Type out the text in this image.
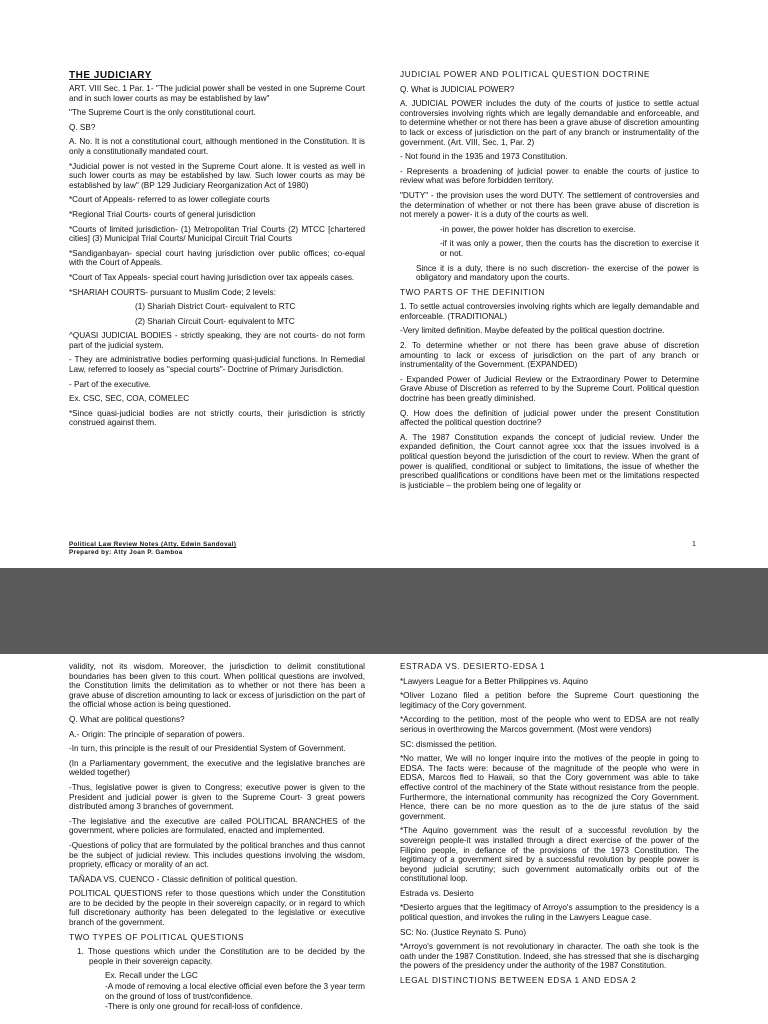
THE JUDICIARY

ART. VIII Sec. 1 Par. 1- "The judicial power shall be vested in one Supreme Court and in such lower courts as may be established by law"

"The Supreme Court is the only constitutional court.

Q. SB?

A. No. It is not a constitutional court, although mentioned in the Constitution. It is only a constitutionally mandated court.

*Judicial power is not vested in the Supreme Court alone. It is vested as well in such lower courts as may be established by law. Such lower courts as may be established by law" (BP 129 Judiciary Reorganization Act of 1980)

*Court of Appeals- referred to as lower collegiate courts

*Regional Trial Courts- courts of general jurisdiction

*Courts of limited jurisdiction- (1) Metropolitan Trial Courts (2) MTCC [chartered cities] (3) Municipal Trial Courts/ Municipal Circuit Trial Courts

*Sandiganbayan- special court having jurisdiction over public offices; co-equal with the Court of Appeals.

*Court of Tax Appeals- special court having jurisdiction over tax appeals cases.

*SHARIAH COURTS- pursuant to Muslim Code; 2 levels:

(1) Shariah District Court- equivalent to RTC

(2) Shariah Circuit Court- equivalent to MTC

^QUASI JUDICIAL BODIES - strictly speaking, they are not courts- do not form part of the judicial system.

- They are administrative bodies performing quasi-judicial functions. In Remedial Law, referred to loosely as "special courts"- Doctrine of Primary Jurisdiction.

- Part of the executive.

Ex. CSC, SEC, COA, COMELEC

*Since quasi-judicial bodies are not strictly courts, their jurisdiction is strictly construed against them.

JUDICIAL POWER AND POLITICAL QUESTION DOCTRINE

Q. What is JUDICIAL POWER?

A. JUDICIAL POWER includes the duty of the courts of justice to settle actual controversies involving rights which are legally demandable and enforceable, and to determine whether or not there has been a grave abuse of discretion amounting to lack or excess of jurisdiction on the part of any branch or instrumentality of the government. (Art. VIII, Sec. 1, Par. 2)

- Not found in the 1935 and 1973 Constitution.

- Represents a broadening of judicial power to enable the courts of justice to review what was before forbidden territory.

"DUTY" - the provision uses the word DUTY. The settlement of controversies and the determination of whether or not there has been grave abuse of discretion is not merely a power- it is a duty of the courts as well.

-in power, the power holder has discretion to exercise.

-if it was only a power, then the courts has the discretion to exercise it or not.

Since it is a duty, there is no such discretion- the exercise of the power is obligatory and mandatory upon the courts.

TWO PARTS OF THE DEFINITION

1. To settle actual controversies involving rights which are legally demandable and enforceable. (TRADITIONAL)

-Very limited definition. Maybe defeated by the political question doctrine.

2. To determine whether or not there has been grave abuse of discretion amounting to lack or excess of jurisdiction on the part of any branch or instrumentality of the Government. (EXPANDED)

- Expanded Power of Judicial Review or the Extraordinary Power to Determine Grave Abuse of Discretion as referred to by the Supreme Court. Political question doctrine has been greatly diminished.

Q. How does the definition of judicial power under the present Constitution affected the political question doctrine?

A. The 1987 Constitution expands the concept of judicial review. Under the expanded definition, the Court cannot agree xxx that the issues involved is a political question beyond the jurisdiction of the court to review. When the grant of power is qualified, conditional or subject to limitations, the issue of whether the prescribed qualifications or conditions have been met or the limitations respected is justiciable – the problem being one of legality or

Political Law Review Notes (Atty. Edwin Sandoval)
Prepared by: Atty Joan P. Gamboa
1

validity, not its wisdom. Moreover, the jurisdiction to delimit constitutional boundaries has been given to this court. When political questions are involved, the Constitution limits the delimitation as to whether or not there has been a grave abuse of discretion amounting to lack or excess of jurisdiction on the part of the official whose action is being questioned.

Q. What are political questions?

A.- Origin: The principle of separation of powers.

-In turn, this principle is the result of our Presidential System of Government.

(In a Parliamentary government, the executive and the legislative branches are welded together)

-Thus, legislative power is given to Congress; executive power is given to the President and judicial power is given to the Supreme Court- 3 great powers distributed among 3 branches of government.

-The legislative and the executive are called POLITICAL BRANCHES of the government, where policies are formulated, enacted and implemented.

-Questions of policy that are formulated by the political branches and thus cannot be the subject of judicial review. This includes questions involving the wisdom, propriety, efficacy or morality of an act.

TAÑADA VS. CUENCO - Classic definition of political question.

POLITICAL QUESTIONS refer to those questions which under the Constitution are to be decided by the people in their sovereign capacity, or in regard to which full discretionary authority has been delegated to the legislative or executive branch of the government.

TWO TYPES OF POLITICAL QUESTIONS

1. Those questions which under the Constitution are to be decided by the people in their sovereign capacity.

Ex. Recall under the LGC

-A mode of removing a local elective official even before the 3 year term on the ground of loss of trust/confidence.

-There is only one ground for recall-loss of confidence.

ESTRADA VS. DESIERTO-EDSA 1

*Lawyers League for a Better Philippines vs. Aquino

*Oliver Lozano filed a petition before the Supreme Court questioning the legitimacy of the Cory government.

*According to the petition, most of the people who went to EDSA are not really serious in overthrowing the Marcos government. (Most were vendors)

SC: dismissed the petition.

*No matter, We will no longer inquire into the motives of the people in going to EDSA. The facts were: because of the magnitude of the people who were in EDSA, Marcos fled to Hawaii, so that the Cory government was able to take effective control of the machinery of the State without resistance from the people. Furthermore, the international community has recognized the Cory Government. Hence, there can be no more question as to the de jure status of the said government.

*The Aquino government was the result of a successful revolution by the sovereign people-it was installed through a direct exercise of the power of the Filipino people, in defiance of the provisions of the 1973 Constitution. The legitimacy of a government sired by a successful revolution by people power is beyond judicial scrutiny; such government automatically orbits out of the constitutional loop.

Estrada vs. Desierto

*Desierto argues that the legitimacy of Arroyo's assumption to the presidency is a political question, and invokes the ruling in the Lawyers League case.

SC: No. (Justice Reynato S. Puno)

*Arroyo's government is not revolutionary in character. The oath she took is the oath under the 1987 Constitution. Indeed, she has stressed that she is discharging the powers of the presidency under the authority of the 1987 Constitution.

LEGAL DISTINCTIONS BETWEEN EDSA 1 AND EDSA 2
